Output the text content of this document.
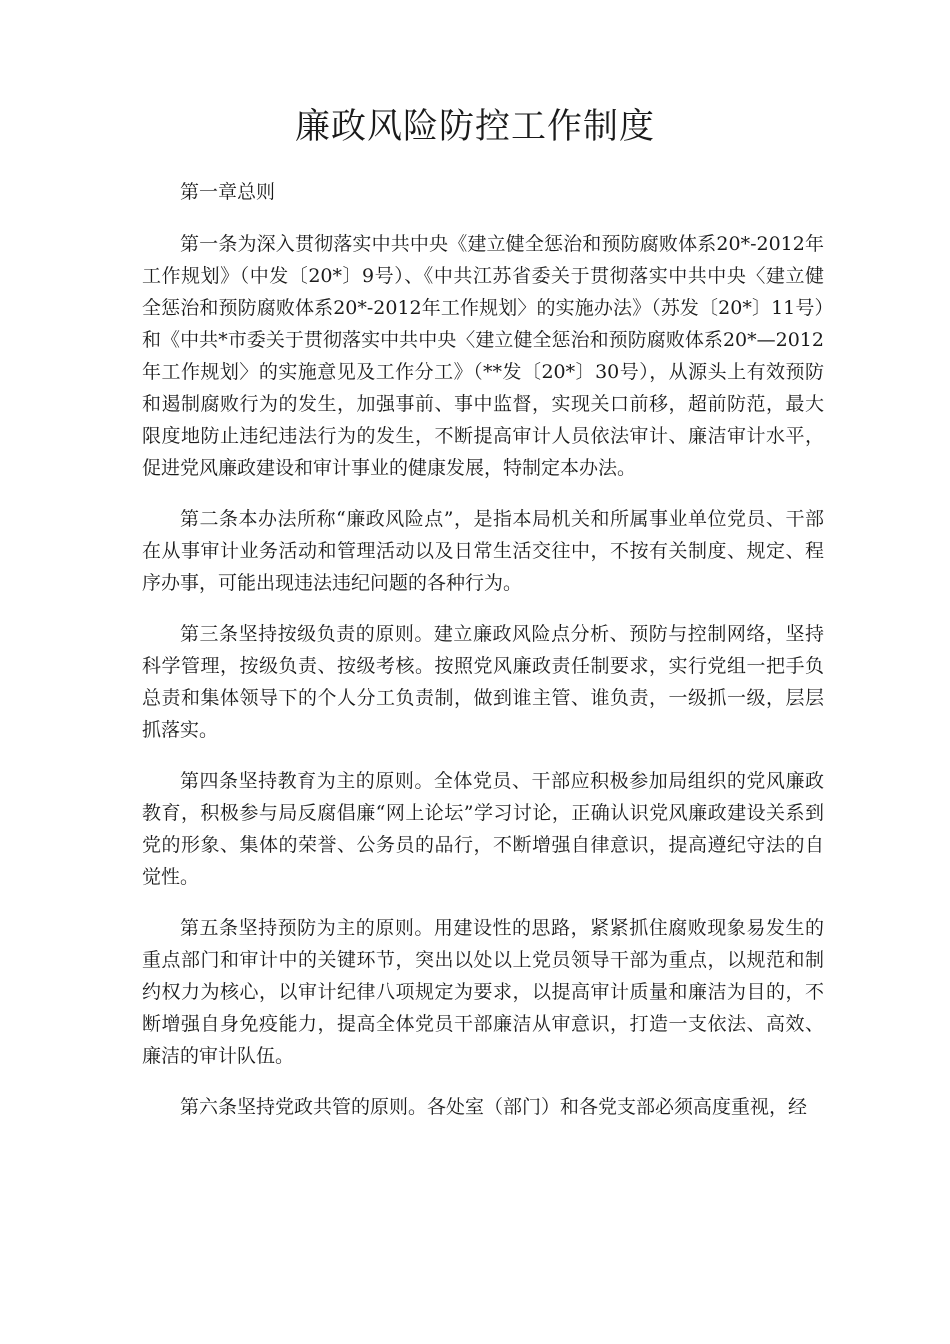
廉政风险防控工作制度

第一章总则

第一条为深入贯彻落实中共中央《建立健全惩治和预防腐败体系20*-2012年工作规划》（中发〔20*〕9号）、《中共江苏省委关于贯彻落实中共中央〈建立健全惩治和预防腐败体系20*-2012年工作规划〉的实施办法》（苏发〔20*〕11号）和《中共*市委关于贯彻落实中共中央〈建立健全惩治和预防腐败体系20*—2012年工作规划〉的实施意见及工作分工》（**发〔20*〕30号），从源头上有效预防和遏制腐败行为的发生，加强事前、事中监督，实现关口前移，超前防范，最大限度地防止违纪违法行为的发生，不断提高审计人员依法审计、廉洁审计水平，促进党风廉政建设和审计事业的健康发展，特制定本办法。

第二条本办法所称“廉政风险点”，是指本局机关和所属事业单位党员、干部在从事审计业务活动和管理活动以及日常生活交往中，不按有关制度、规定、程序办事，可能出现违法违纪问题的各种行为。

第三条坚持按级负责的原则。建立廉政风险点分析、预防与控制网络，坚持科学管理，按级负责、按级考核。按照党风廉政责任制要求，实行党组一把手负总责和集体领导下的个人分工负责制，做到谁主管、谁负责，一级抓一级，层层抓落实。

第四条坚持教育为主的原则。全体党员、干部应积极参加局组织的党风廉政教育，积极参与局反腐倡廉“网上论坛”学习讨论，正确认识党风廉政建设关系到党的形象、集体的荣誉、公务员的品行，不断增强自律意识，提高遵纪守法的自觉性。

第五条坚持预防为主的原则。用建设性的思路，紧紧抓住腐败现象易发生的重点部门和审计中的关键环节，突出以处以上党员领导干部为重点，以规范和制约权力为核心，以审计纪律八项规定为要求，以提高审计质量和廉洁为目的，不断增强自身免疫能力，提高全体党员干部廉洁从审意识，打造一支依法、高效、廉洁的审计队伍。

第六条坚持党政共管的原则。各处室（部门）和各党支部必须高度重视，经
